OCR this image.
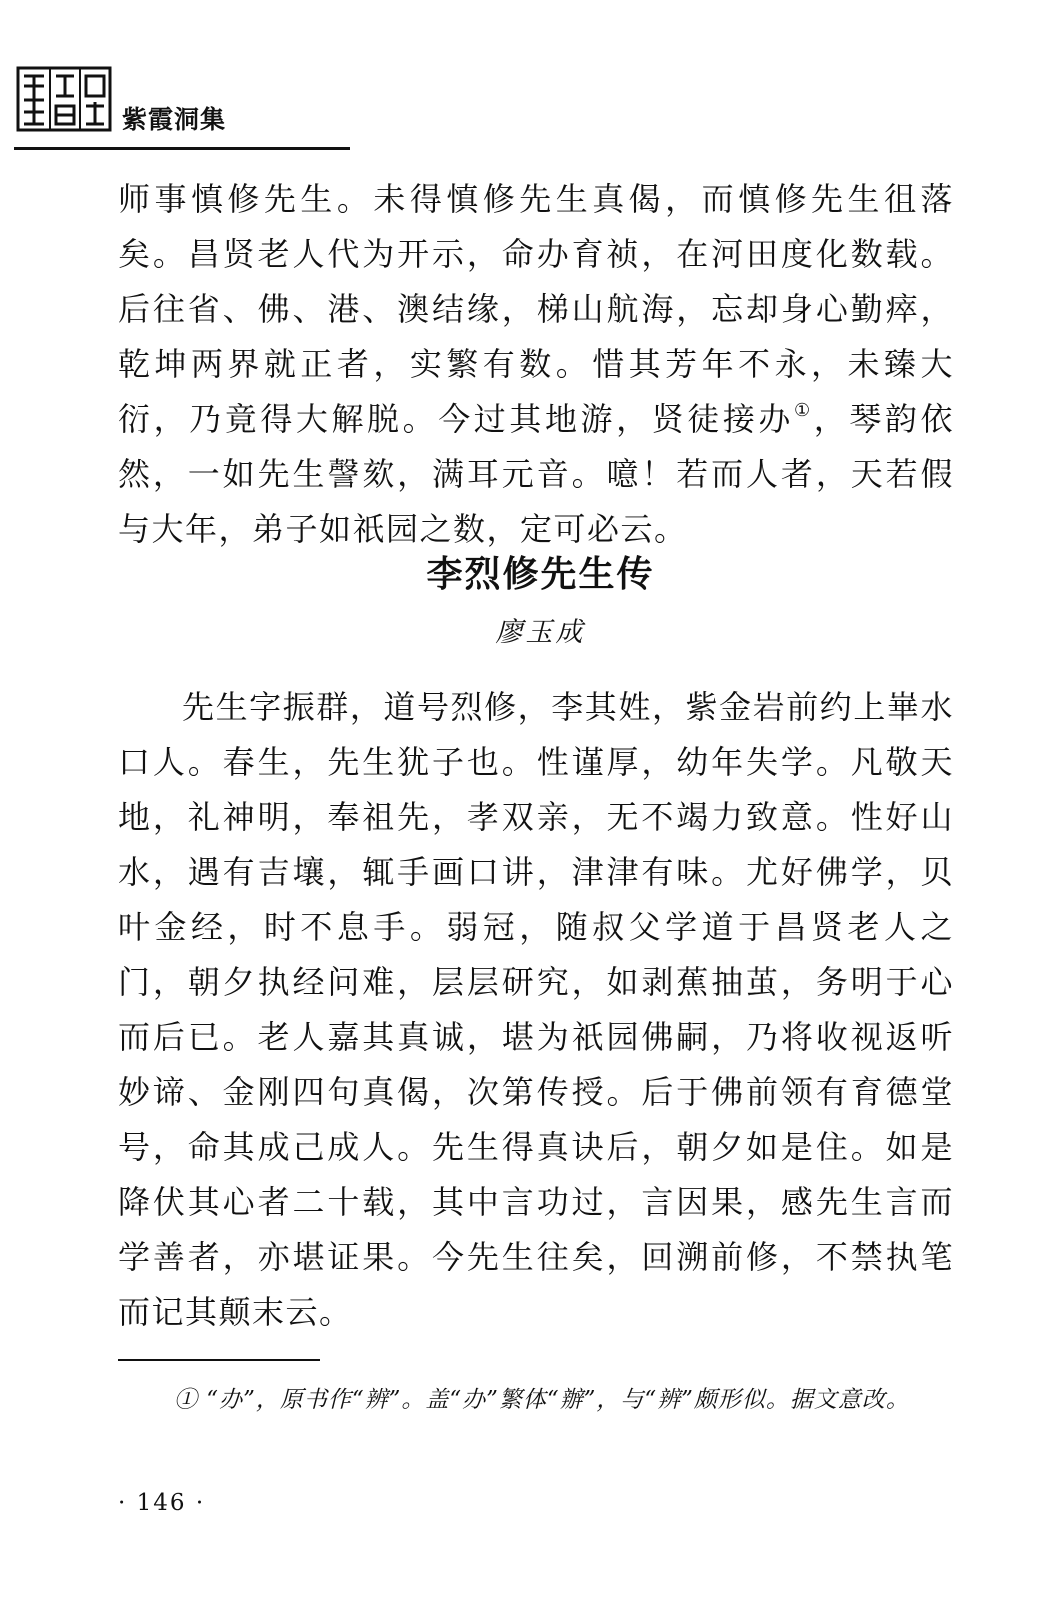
紫霞洞集

师事慎修先生。未得慎修先生真偈，而慎修先生徂落矣。昌贤老人代为开示，命办育祯，在河田度化数载。后往省、佛、港、澳结缘，梯山航海，忘却身心勤瘁，乾坤两界就正者，实繁有数。惜其芳年不永，未臻大衍，乃竟得大解脱。今过其地游，贤徒接办①，琴韵依然，一如先生謦欬，满耳元音。噫！若而人者，天若假与大年，弟子如祇园之数，定可必云。

李烈修先生传
廖玉成

先生字振群，道号烈修，李其姓，紫金岩前约上崋水口人。春生，先生犹子也。性谨厚，幼年失学。凡敬天地，礼神明，奉祖先，孝双亲，无不竭力致意。性好山水，遇有吉壤，辄手画口讲，津津有味。尤好佛学，贝叶金经，时不息手。弱冠，随叔父学道于昌贤老人之门，朝夕执经问难，层层研究，如剥蕉抽茧，务明于心而后已。老人嘉其真诚，堪为祇园佛嗣，乃将收视返听妙谛、金刚四句真偈，次第传授。后于佛前领有育德堂号，命其成己成人。先生得真诀后，朝夕如是住。如是降伏其心者二十载，其中言功过，言因果，感先生言而学善者，亦堪证果。今先生往矣，回溯前修，不禁执笔而记其颠末云。

① “办”，原书作“辨”。盖“办”繁体“辦”，与“辨”颇形似。据文意改。

· 146 ·
